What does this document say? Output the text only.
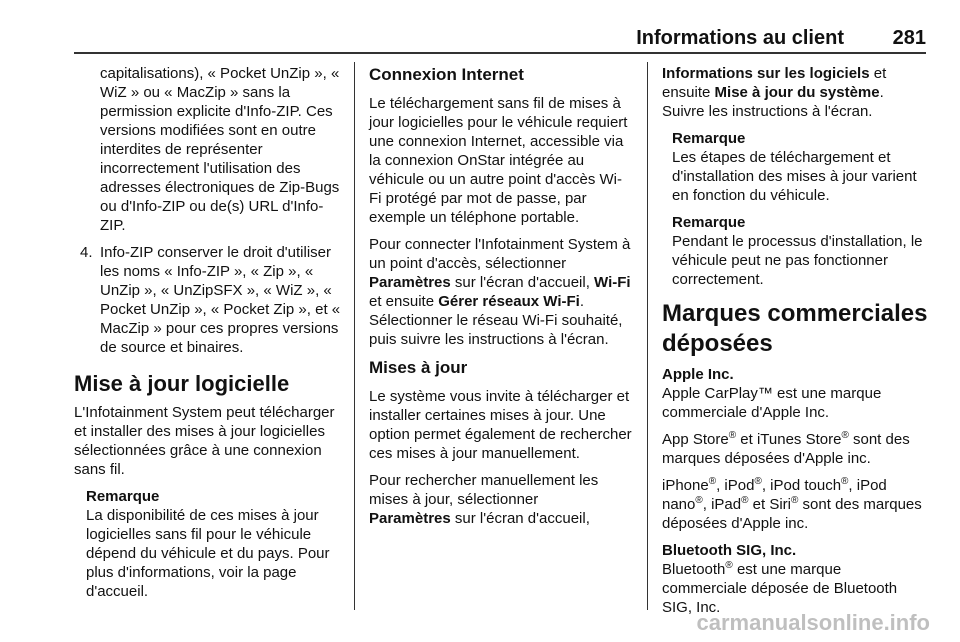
Informations au client 281

capitalisations), « Pocket UnZip », « WiZ » ou « MacZip » sans la permission explicite d'Info-ZIP. Ces versions modifiées sont en outre interdites de représenter incorrectement l'utilisation des adresses électroniques de Zip-Bugs ou d'Info-ZIP ou de(s) URL d'Info-ZIP.

4. Info-ZIP conserver le droit d'utiliser les noms « Info-ZIP », « Zip », « UnZip », « UnZipSFX », « WiZ », « Pocket UnZip », « Pocket Zip », et « MacZip » pour ces propres versions de source et binaires.

Mise à jour logicielle

L'Infotainment System peut télécharger et installer des mises à jour logicielles sélectionnées grâce à une connexion sans fil.

Remarque

La disponibilité de ces mises à jour logicielles sans fil pour le véhicule dépend du véhicule et du pays. Pour plus d'informations, voir la page d'accueil.

Connexion Internet

Le téléchargement sans fil de mises à jour logicielles pour le véhicule requiert une connexion Internet, accessible via la connexion OnStar intégrée au véhicule ou un autre point d'accès Wi-Fi protégé par mot de passe, par exemple un téléphone portable.

Pour connecter l'Infotainment System à un point d'accès, sélectionner
Paramètres sur l'écran d'accueil, Wi-Fi et ensuite Gérer réseaux Wi-Fi. Sélectionner le réseau Wi-Fi souhaité, puis suivre les instructions à l'écran.

Mises à jour

Le système vous invite à télécharger et installer certaines mises à jour. Une option permet également de rechercher ces mises à jour manuellement.

Pour rechercher manuellement les mises à jour, sélectionner
Paramètres sur l'écran d'accueil,

Informations sur les logiciels et ensuite Mise à jour du système. Suivre les instructions à l'écran.

Remarque

Les étapes de téléchargement et d'installation des mises à jour varient en fonction du véhicule.

Remarque

Pendant le processus d'installation, le véhicule peut ne pas fonctionner correctement.

Marques commerciales déposées
Apple Inc.

Apple CarPlay™ est une marque commerciale d'Apple Inc.

App Store® et iTunes Store® sont des marques déposées d'Apple inc.

iPhone®, iPod®, iPod touch®, iPod nano®, iPad® et Siri® sont des marques déposées d'Apple inc.

Bluetooth SIG, Inc.

Bluetooth® est une marque commerciale déposée de Bluetooth SIG, Inc.

carmanualsonline.info
